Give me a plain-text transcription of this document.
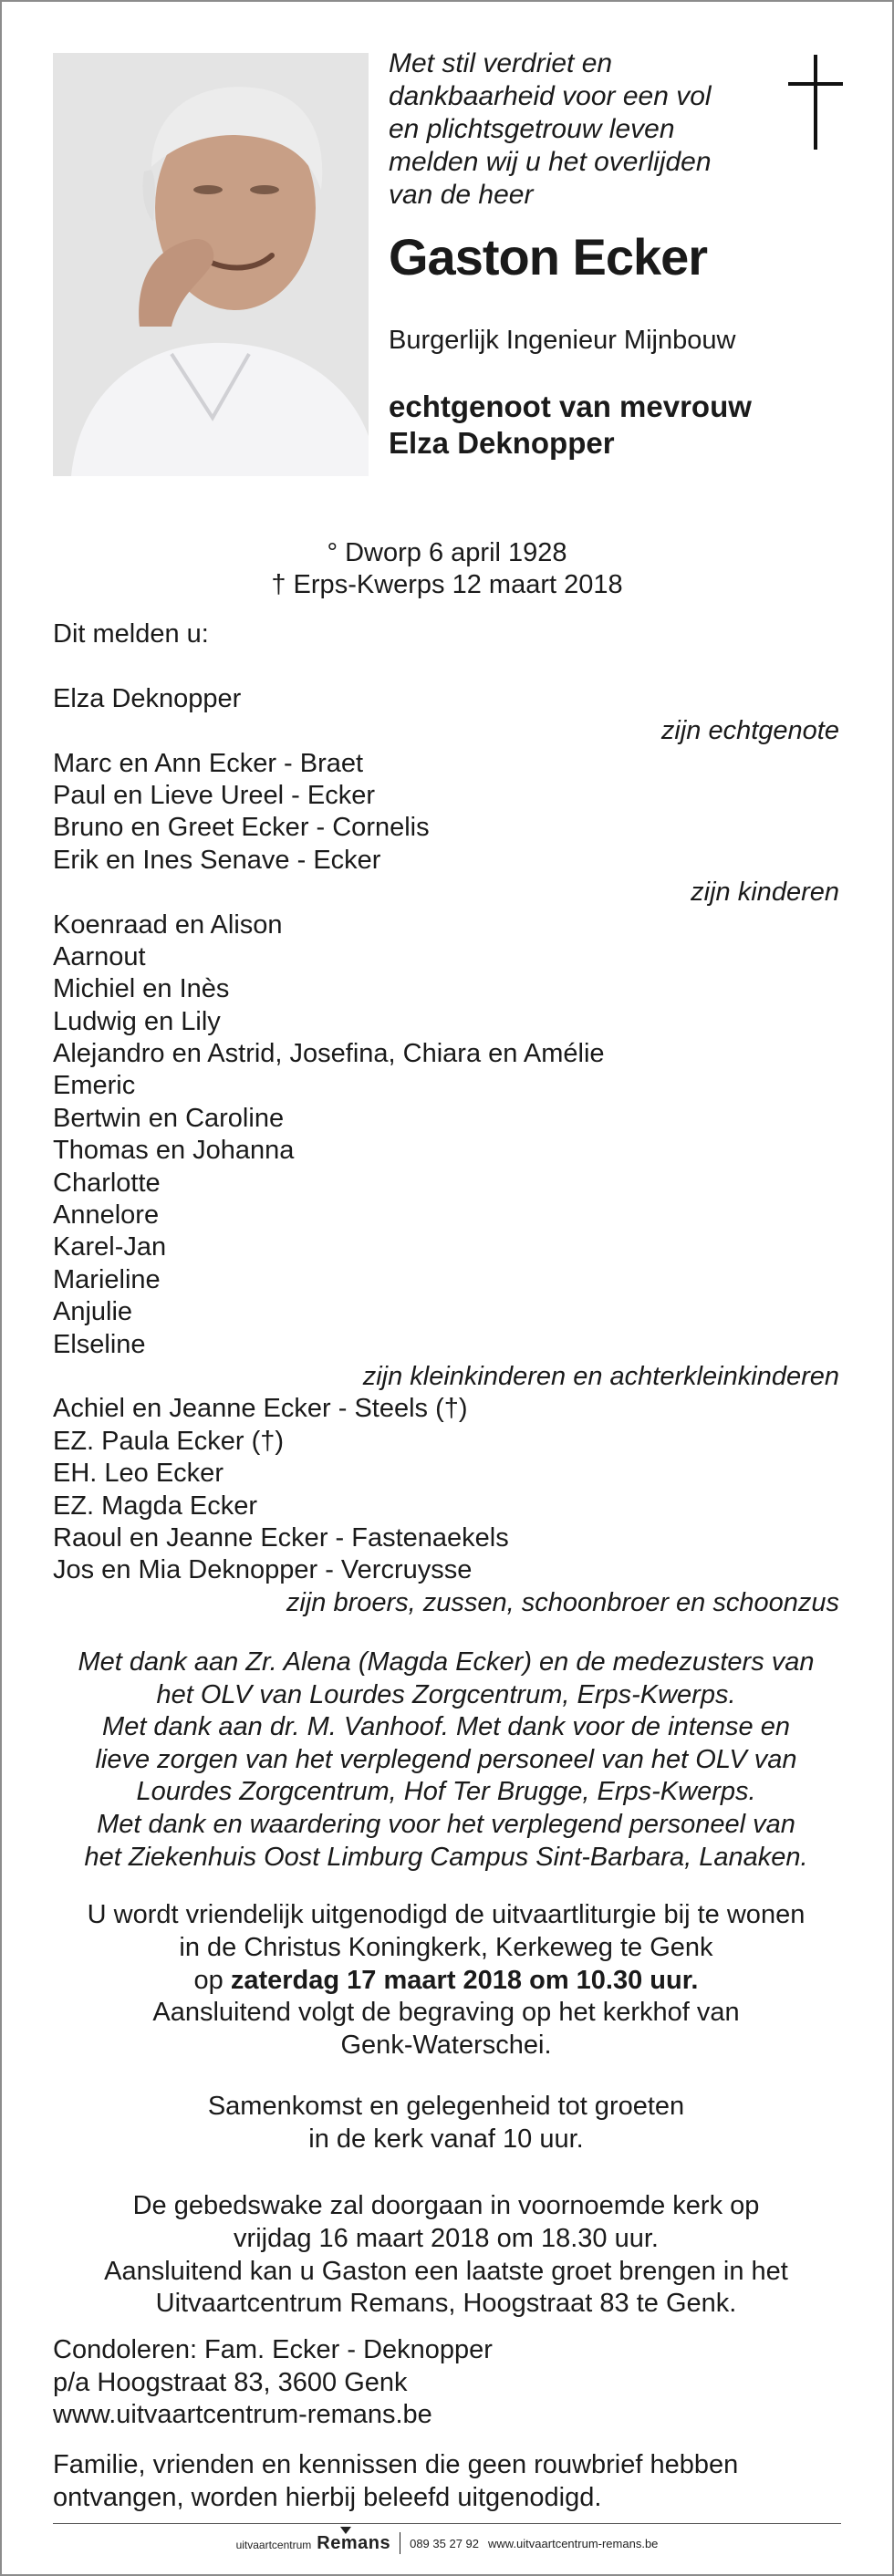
Met stil verdriet en
dankbaarheid voor een vol
en plichtsgetrouw leven
melden wij u het overlijden
van de heer
Gaston Ecker
Burgerlijk Ingenieur Mijnbouw
echtgenoot van mevrouw
Elza Deknopper
° Dworp 6 april 1928
† Erps-Kwerps 12 maart 2018
Dit melden u:
Elza Deknopper
zijn echtgenote
Marc en Ann Ecker - Braet
Paul en Lieve Ureel - Ecker
Bruno en Greet Ecker - Cornelis
Erik en Ines Senave - Ecker
zijn kinderen
Koenraad en Alison
Aarnout
Michiel en Inès
Ludwig en Lily
Alejandro en Astrid, Josefina, Chiara en Amélie
Emeric
Bertwin en Caroline
Thomas en Johanna
Charlotte
Annelore
Karel-Jan
Marieline
Anjulie
Elseline
zijn kleinkinderen en achterkleinkinderen
Achiel en Jeanne Ecker - Steels (†)
EZ. Paula Ecker (†)
EH. Leo Ecker
EZ. Magda Ecker
Raoul en Jeanne Ecker - Fastenaekels
Jos en Mia Deknopper - Vercruysse
zijn broers, zussen, schoonbroer en schoonzus
Met dank aan Zr. Alena (Magda Ecker) en de medezusters van
het OLV van Lourdes Zorgcentrum, Erps-Kwerps.
Met dank aan dr. M. Vanhoof. Met dank voor de intense en
lieve zorgen van het verplegend personeel van het OLV van
Lourdes Zorgcentrum, Hof Ter Brugge, Erps-Kwerps.
Met dank en waardering voor het verplegend personeel van
het Ziekenhuis Oost Limburg Campus Sint-Barbara, Lanaken.
U wordt vriendelijk uitgenodigd de uitvaartliturgie bij te wonen
in de Christus Koningkerk, Kerkeweg te Genk
op zaterdag 17 maart 2018 om 10.30 uur.
Aansluitend volgt de begraving op het kerkhof van
Genk-Waterschei.
Samenkomst en gelegenheid tot groeten
in de kerk vanaf 10 uur.
De gebedswake zal doorgaan in voornoemde kerk op
vrijdag 16 maart 2018 om 18.30 uur.
Aansluitend kan u Gaston een laatste groet brengen in het
Uitvaartcentrum Remans, Hoogstraat 83 te Genk.
Condoleren: Fam. Ecker - Deknopper
p/a Hoogstraat 83, 3600 Genk
www.uitvaartcentrum-remans.be
Familie, vrienden en kennissen die geen rouwbrief hebben
ontvangen, worden hierbij beleefd uitgenodigd.
uitvaartcentrum Remans 089 35 27 92 www.uitvaartcentrum-remans.be
